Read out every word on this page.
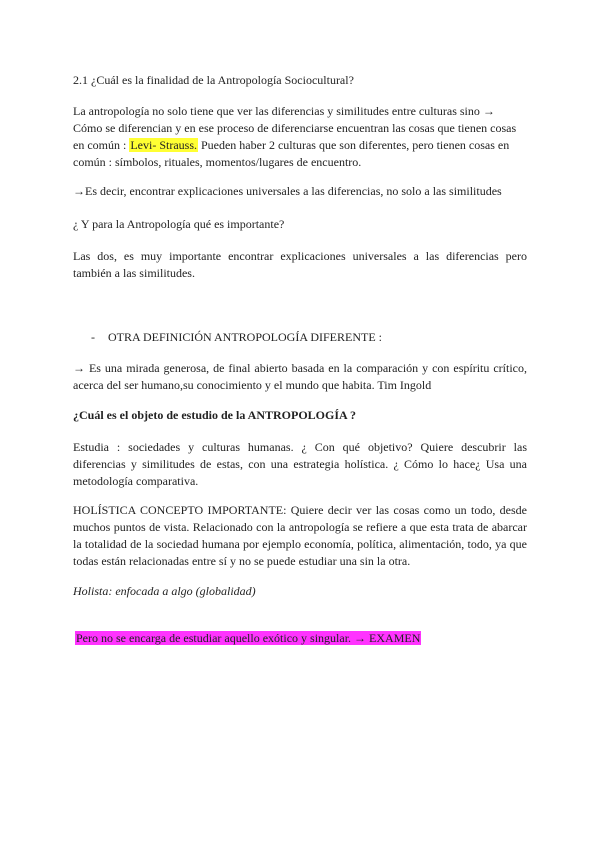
2.1 ¿Cuál es la finalidad de la Antropología Sociocultural?
La antropología no solo tiene que ver las diferencias y similitudes entre culturas sino →
Cómo se diferencian y en ese proceso de diferenciarse encuentran las cosas que tienen cosas
en común : Levi- Strauss. Pueden haber 2 culturas que son diferentes, pero tienen cosas en
común : símbolos, rituales, momentos/lugares de encuentro.
→Es decir, encontrar explicaciones universales a las diferencias, no solo a las similitudes
¿ Y para la Antropología qué es importante?
Las dos, es muy importante encontrar explicaciones universales a las diferencias pero
también a las similitudes.
- OTRA DEFINICIÓN ANTROPOLOGÍA DIFERENTE :
→ Es una mirada generosa, de final abierto basada en la comparación y con espíritu crítico,
acerca del ser humano,su conocimiento y el mundo que habita. Tim Ingold
¿Cuál es el objeto de estudio de la ANTROPOLOGÍA ?
Estudia : sociedades y culturas humanas. ¿ Con qué objetivo? Quiere descubrir las
diferencias y similitudes de estas, con una estrategia holística. ¿ Cómo lo hace¿ Usa una
metodología comparativa.
HOLÍSTICA CONCEPTO IMPORTANTE: Quiere decir ver las cosas como un todo, desde
muchos puntos de vista. Relacionado con la antropología se refiere a que esta trata de abarcar
la totalidad de la sociedad humana por ejemplo economía, política, alimentación, todo, ya que
todas están relacionadas entre sí y no se puede estudiar una sin la otra.
Holista: enfocada a algo (globalidad)
Pero no se encarga de estudiar aquello exótico y singular. → EXAMEN
